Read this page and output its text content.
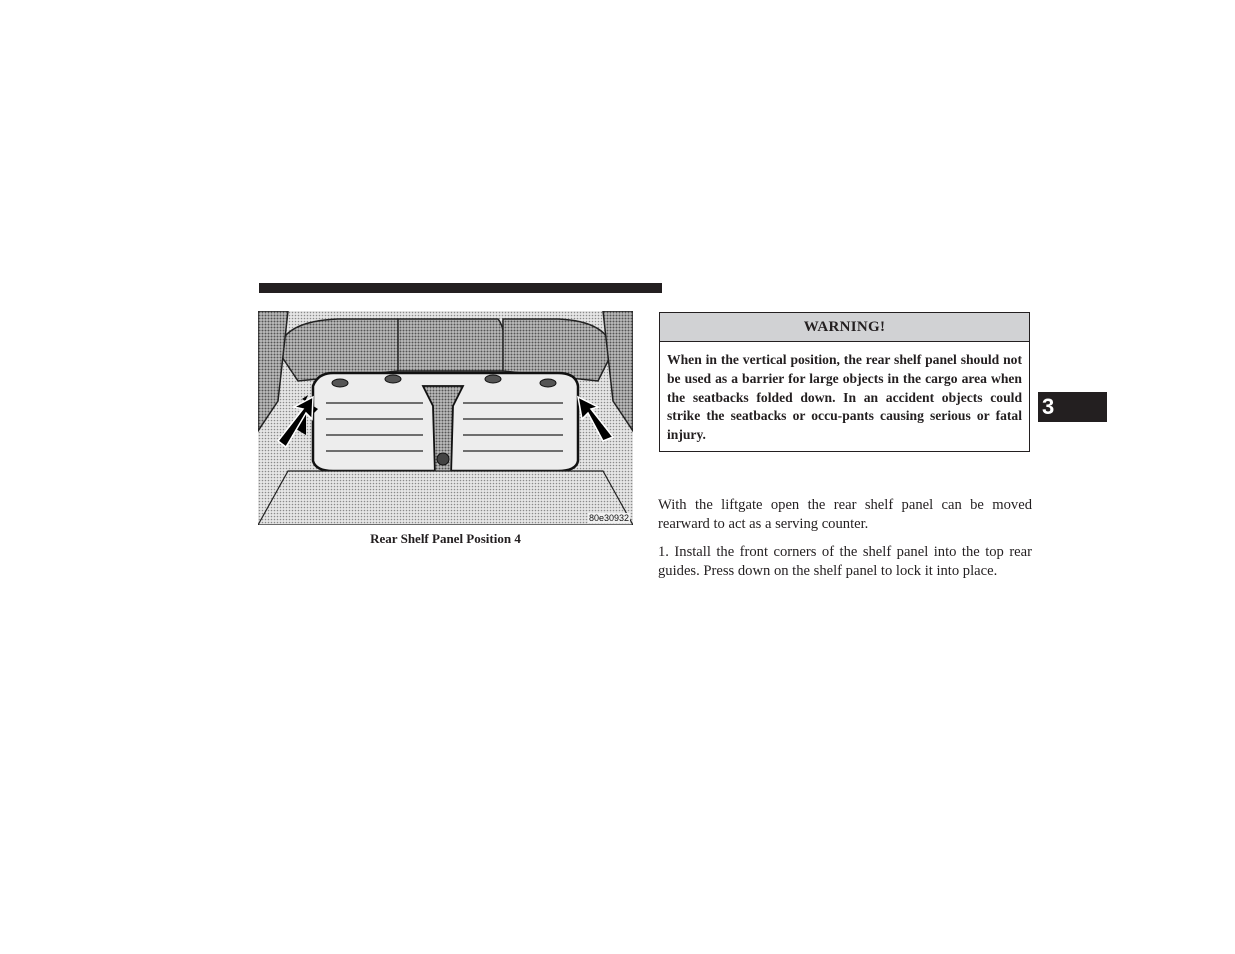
80e30932
Rear Shelf Panel Position 4
WARNING!
When in the vertical position, the rear shelf panel should not be used as a barrier for large objects in the cargo area when the seatbacks folded down. In an accident objects could strike the seatbacks or occu-pants causing serious or fatal injury.

With the liftgate open the rear shelf panel can be moved rearward to act as a serving counter.

1. Install the front corners of the shelf panel into the top rear guides. Press down on the shelf panel to lock it into place.

3
